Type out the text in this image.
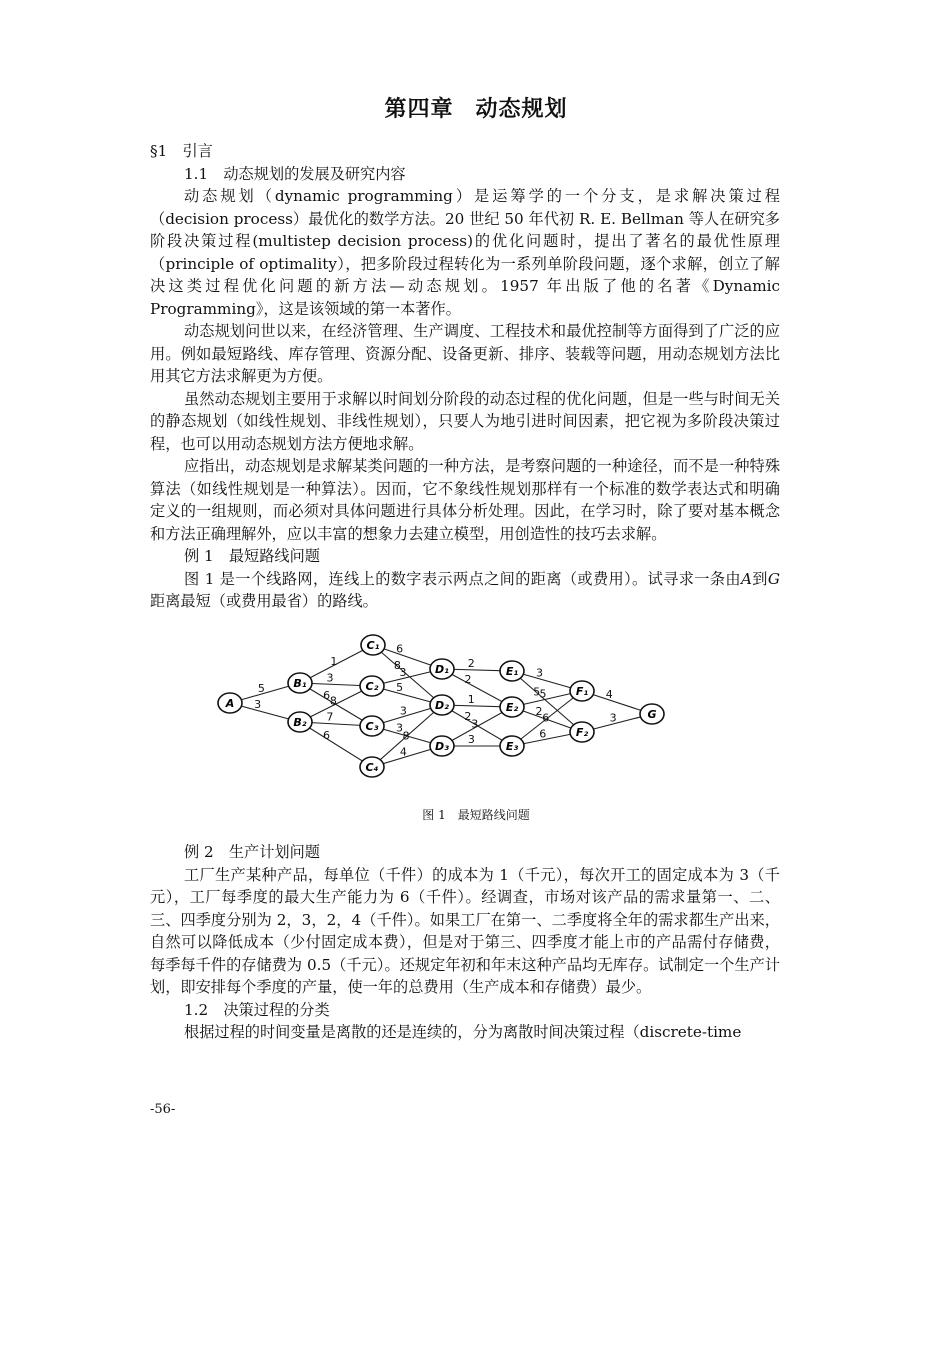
第四章 动态规划

§1　引言

1.1　动态规划的发展及研究内容

动态规划（dynamic programming）是运筹学的一个分支，是求解决策过程（decision process）最优化的数学方法。20 世纪 50 年代初 R. E. Bellman 等人在研究多阶段决策过程(multistep decision process)的优化问题时，提出了著名的最优性原理（principle of optimality），把多阶段过程转化为一系列单阶段问题，逐个求解，创立了解决这类过程优化问题的新方法—动态规划。1957 年出版了他的名著《Dynamic Programming》，这是该领域的第一本著作。

动态规划问世以来，在经济管理、生产调度、工程技术和最优控制等方面得到了广泛的应用。例如最短路线、库存管理、资源分配、设备更新、排序、装载等问题，用动态规划方法比用其它方法求解更为方便。

虽然动态规划主要用于求解以时间划分阶段的动态过程的优化问题，但是一些与时间无关的静态规划（如线性规划、非线性规划），只要人为地引进时间因素，把它视为多阶段决策过程，也可以用动态规划方法方便地求解。

应指出，动态规划是求解某类问题的一种方法，是考察问题的一种途径，而不是一种特殊算法（如线性规划是一种算法）。因而，它不象线性规划那样有一个标准的数学表达式和明确定义的一组规则，而必须对具体问题进行具体分析处理。因此，在学习时，除了要对基本概念和方法正确理解外，应以丰富的想象力去建立模型，用创造性的技巧去求解。

例 1　最短路线问题

图 1 是一个线路网，连线上的数字表示两点之间的距离（或费用）。试寻求一条由A到G距离最短（或费用最省）的路线。

5
3
1
3
6 8
7
6
6
8
3
5
3
3
8
4
2
2
1
2
3
3
3
5 5
2 6
6
4
3
A
B₁
B₂
C₁
C₂
C₃
C₄
D₁
D₂
D₃
E₁
E₂
E₃
F₁
F₂
G
图 1　最短路线问题

例 2　生产计划问题

工厂生产某种产品，每单位（千件）的成本为 1（千元），每次开工的固定成本为 3（千元），工厂每季度的最大生产能力为 6（千件）。经调查，市场对该产品的需求量第一、二、三、四季度分别为 2，3，2，4（千件）。如果工厂在第一、二季度将全年的需求都生产出来，自然可以降低成本（少付固定成本费），但是对于第三、四季度才能上市的产品需付存储费，每季每千件的存储费为 0.5（千元）。还规定年初和年末这种产品均无库存。试制定一个生产计划，即安排每个季度的产量，使一年的总费用（生产成本和存储费）最少。

1.2　决策过程的分类

根据过程的时间变量是离散的还是连续的，分为离散时间决策过程（discrete-time

-56-
